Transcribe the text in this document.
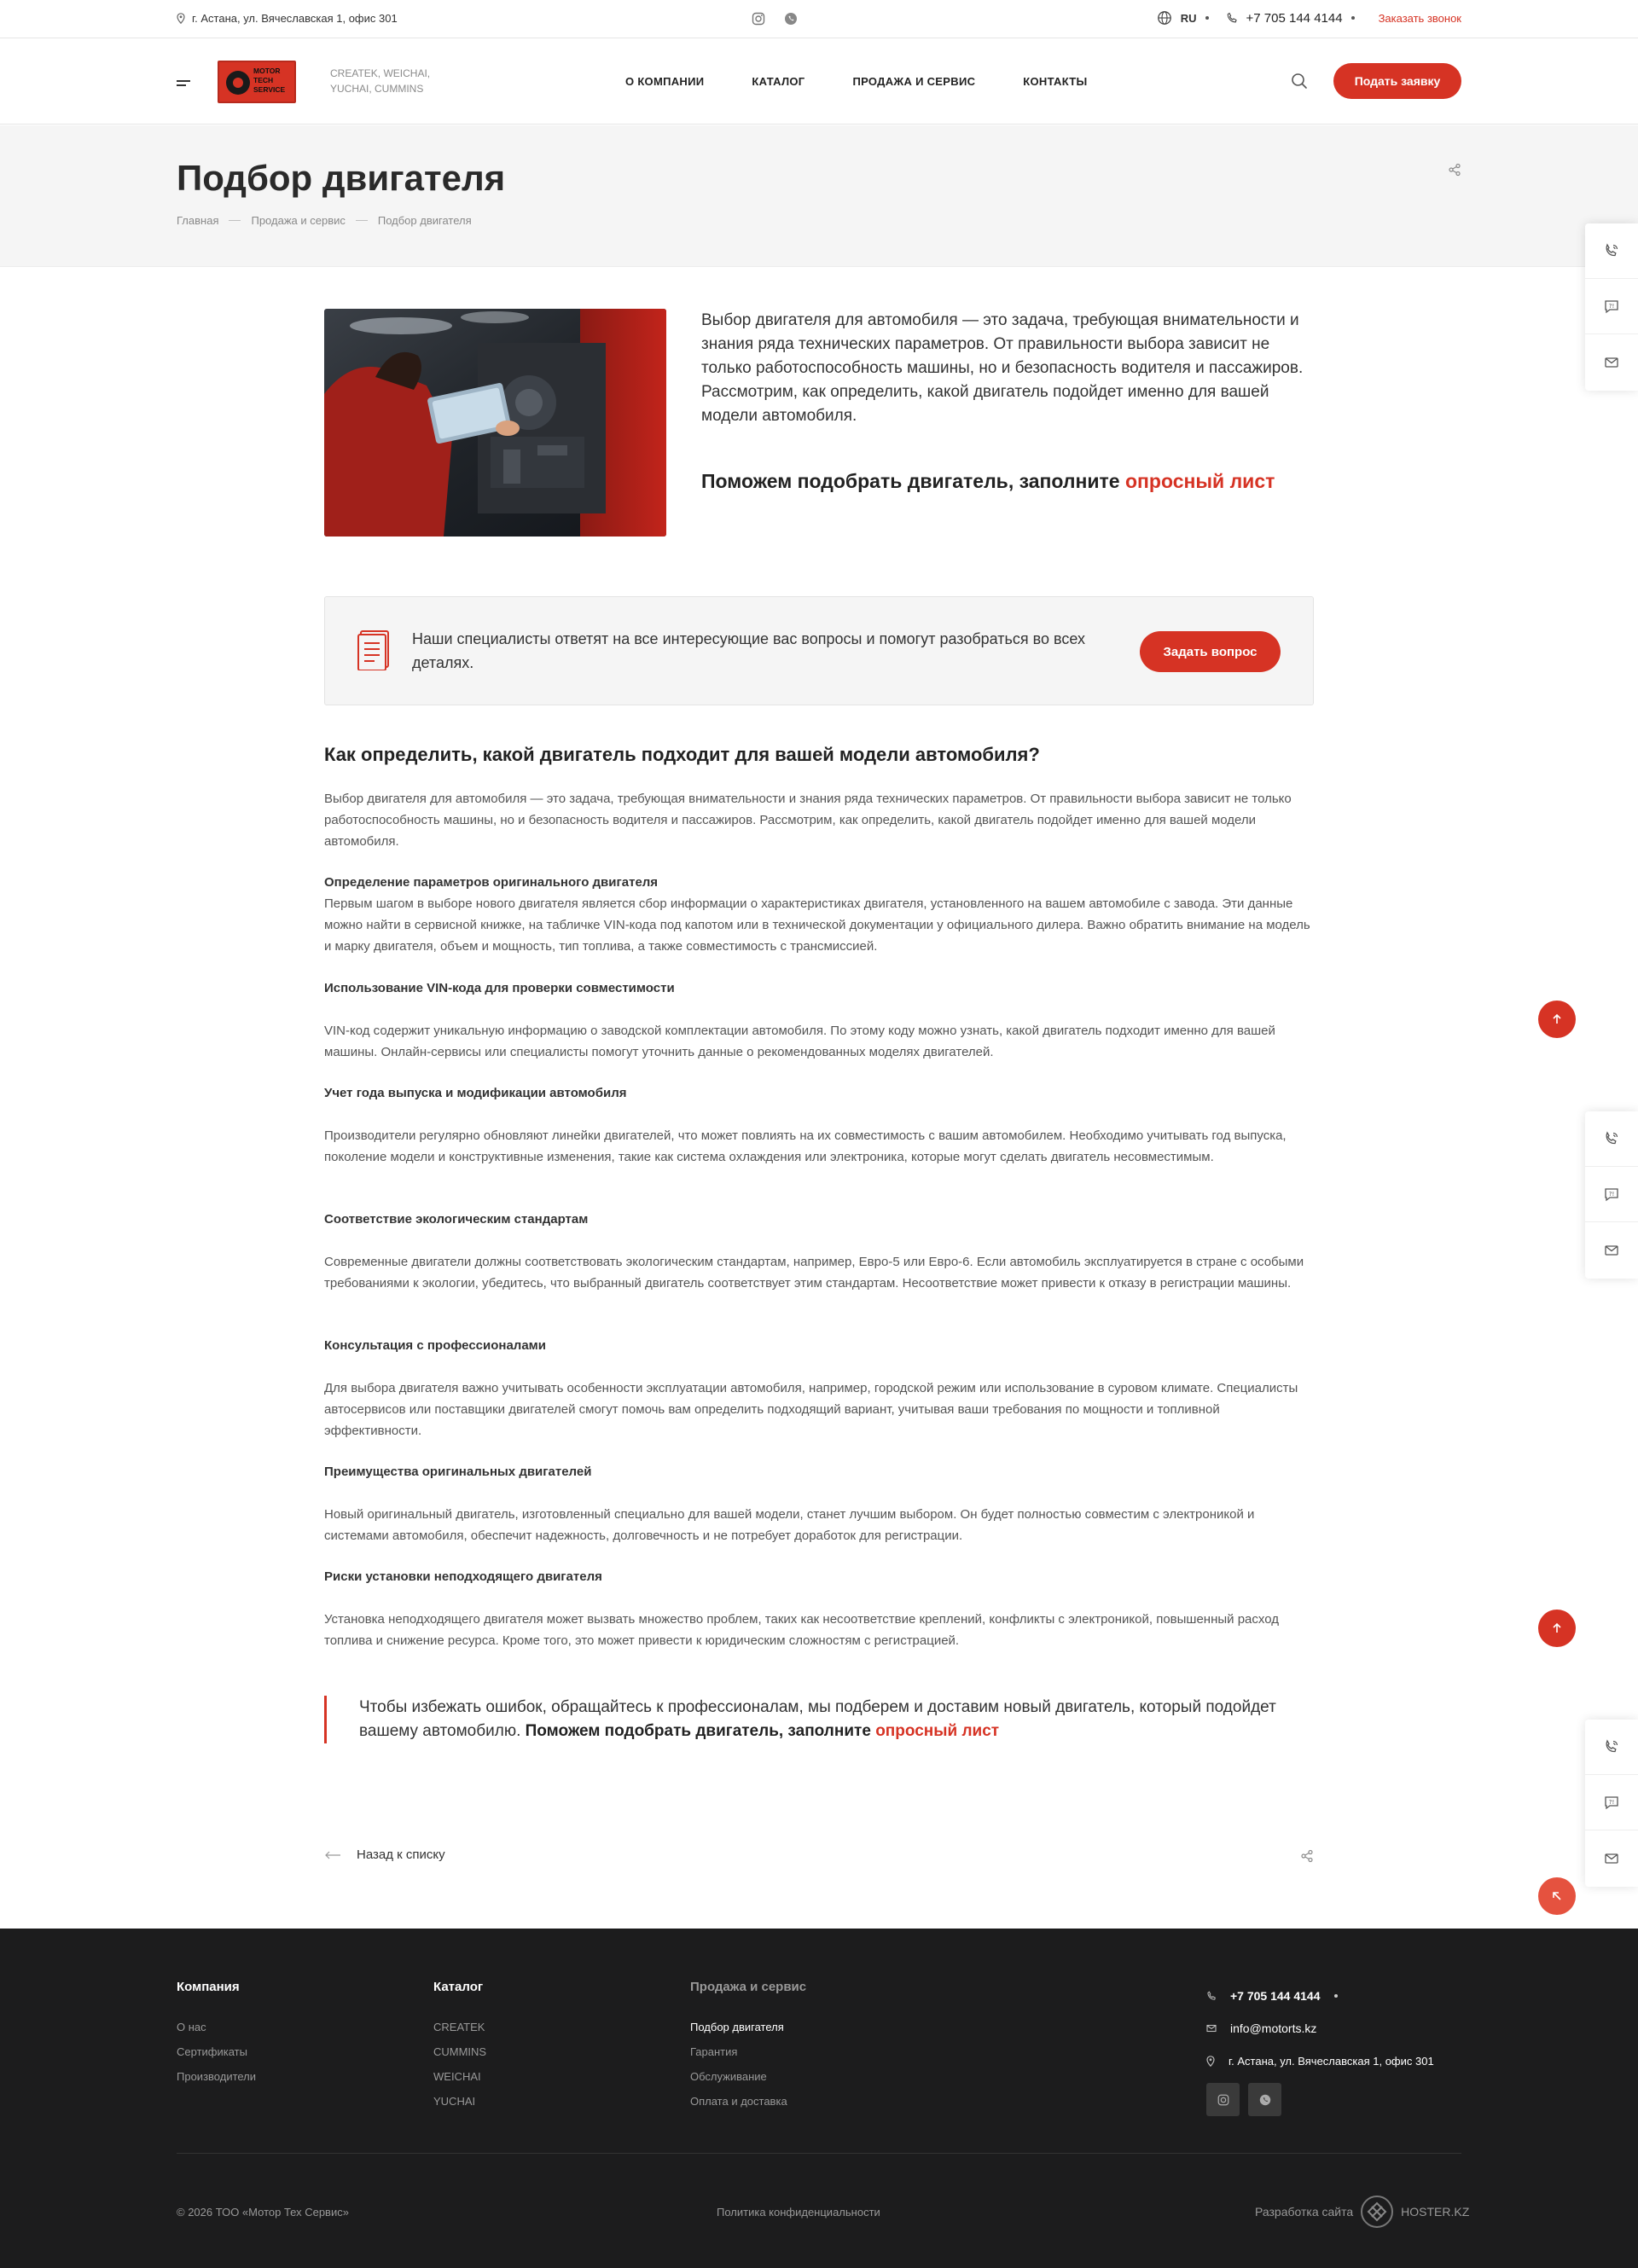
г. Астана, ул. Вячеславская 1, офис 301	RU	+7 705 144 4144	Заказать звонок
MOTOR
TECH
SERVICE
CREATEK, WEICHAI,
YUCHAI, CUMMINS
О КОМПАНИИ	КАТАЛОГ	ПРОДАЖА И СЕРВИС	КОНТАКТЫ	Подать заявку
Подбор двигателя
Главная	Продажа и сервис	Подбор двигателя
?!
?!
?!
Выбор двигателя для автомобиля — это задача, требующая внимательности и знания ряда технических параметров. От правильности выбора зависит не только работоспособность машины, но и безопасность водителя и пассажиров. Рассмотрим, как определить, какой двигатель подойдет именно для вашей модели автомобиля.
Поможем подобрать двигатель, заполните опросный лист

Наши специалисты ответят на все интересующие вас вопросы и помогут разобраться во всех деталях.

Задать вопрос
Как определить, какой двигатель подходит для вашей модели автомобиля?

Выбор двигателя для автомобиля — это задача, требующая внимательности и знания ряда технических параметров. От правильности выбора зависит не только работоспособность машины, но и безопасность водителя и пассажиров. Рассмотрим, как определить, какой двигатель подойдет именно для вашей модели автомобиля.

Определение параметров оригинального двигателя

Первым шагом в выборе нового двигателя является сбор информации о характеристиках двигателя, установленного на вашем автомобиле с завода. Эти данные можно найти в сервисной книжке, на табличке VIN-кода под капотом или в технической документации у официального дилера. Важно обратить внимание на модель и марку двигателя, объем и мощность, тип топлива, а также совместимость с трансмиссией.

Использование VIN-кода для проверки совместимости

VIN-код содержит уникальную информацию о заводской комплектации автомобиля. По этому коду можно узнать, какой двигатель подходит именно для вашей машины. Онлайн-сервисы или специалисты помогут уточнить данные о рекомендованных моделях двигателей.

Учет года выпуска и модификации автомобиля

Производители регулярно обновляют линейки двигателей, что может повлиять на их совместимость с вашим автомобилем. Необходимо учитывать год выпуска, поколение модели и конструктивные изменения, такие как система охлаждения или электроника, которые могут сделать двигатель несовместимым.

Соответствие экологическим стандартам

Современные двигатели должны соответствовать экологическим стандартам, например, Евро-5 или Евро-6. Если автомобиль эксплуатируется в стране с особыми требованиями к экологии, убедитесь, что выбранный двигатель соответствует этим стандартам. Несоответствие может привести к отказу в регистрации машины.

Консультация с профессионалами

Для выбора двигателя важно учитывать особенности эксплуатации автомобиля, например, городской режим или использование в суровом климате. Специалисты автосервисов или поставщики двигателей смогут помочь вам определить подходящий вариант, учитывая ваши требования по мощности и топливной эффективности.

Преимущества оригинальных двигателей

Новый оригинальный двигатель, изготовленный специально для вашей модели, станет лучшим выбором. Он будет полностью совместим с электроникой и системами автомобиля, обеспечит надежность, долговечность и не потребует доработок для регистрации.

Риски установки неподходящего двигателя

Установка неподходящего двигателя может вызвать множество проблем, таких как несоответствие креплений, конфликты с электроникой, повышенный расход топлива и снижение ресурса. Кроме того, это может привести к юридическим сложностям с регистрацией.

Чтобы избежать ошибок, обращайтесь к профессионалам, мы подберем и доставим новый двигатель, который подойдет вашему автомобилю. Поможем подобрать двигатель, заполните опросный лист
Назад к списку
Компания
О нас
Сертификаты
Производители
Каталог
CREATEK
CUMMINS
WEICHAI
YUCHAI
Продажа и сервис
Подбор двигателя
Гарантия
Обслуживание
Оплата и доставка
+7 705 144 4144
info@motorts.kz
г. Астана, ул. Вячеславская 1, офис 301
© 2026 ТОО «Мотор Тех Сервис»	Политика конфиденциальности	Разработка сайта	HOSTER.KZ
